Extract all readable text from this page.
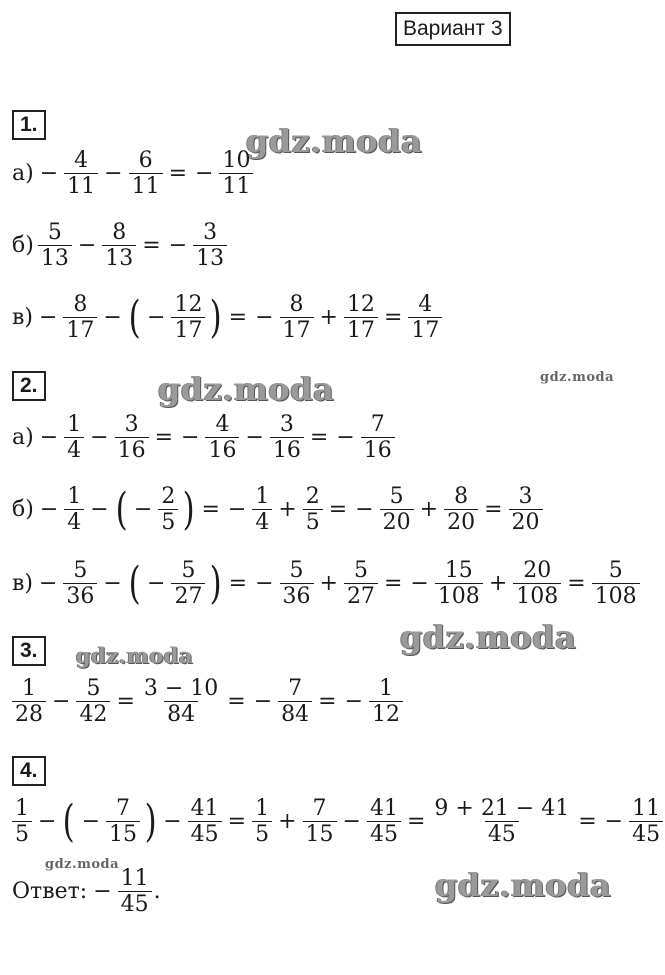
Вариант 3
gdz.moda
gdz.moda	gdz.moda
gdz.moda
gdz.moda
gdz.moda
gdz.moda
1.
$а) - \frac{4}{11} - \frac{6}{11}$ = − $\frac{10}{11}$
$б) \frac{5}{13} - \frac{8}{13}$ = − $\frac{3}{13}$
$в) - \frac{8}{17}$ − ( − $\frac{12}{17}$ ) = − $\frac{8}{17} + \frac{12}{17} = \frac{4}{17}$
2.
$а) - \frac{1}{4} - \frac{3}{16}$ = − $\frac{4}{16} - \frac{3}{16}$ = − $\frac{7}{16}$
$б) - \frac{1}{4}$ − ( − $\frac{2}{5}$ ) = − $\frac{1}{4} + \frac{2}{5}$ = − $\frac{5}{20} + \frac{8}{20} = \frac{3}{20}$
$в) - \frac{5}{36}$ − ( − $\frac{5}{27}$ ) = − $\frac{5}{36} + \frac{5}{27}$ = − $\frac{15}{108} + \frac{20}{108} = \frac{5}{108}$
3.
$\frac{1}{28} - \frac{5}{42} = \frac{3 - 10}{84}$ = − $\frac{7}{84}$ = − $\frac{1}{12}$
4.
$\frac{1}{5}$ − ( − $\frac{7}{15}$ ) − $\frac{41}{45} = \frac{1}{5} + \frac{7}{15} - \frac{41}{45} = \frac{9 + 21 - 41}{45}$ = − $\frac{11}{45}$
Ответ: − $\frac{11}{45}$ .
